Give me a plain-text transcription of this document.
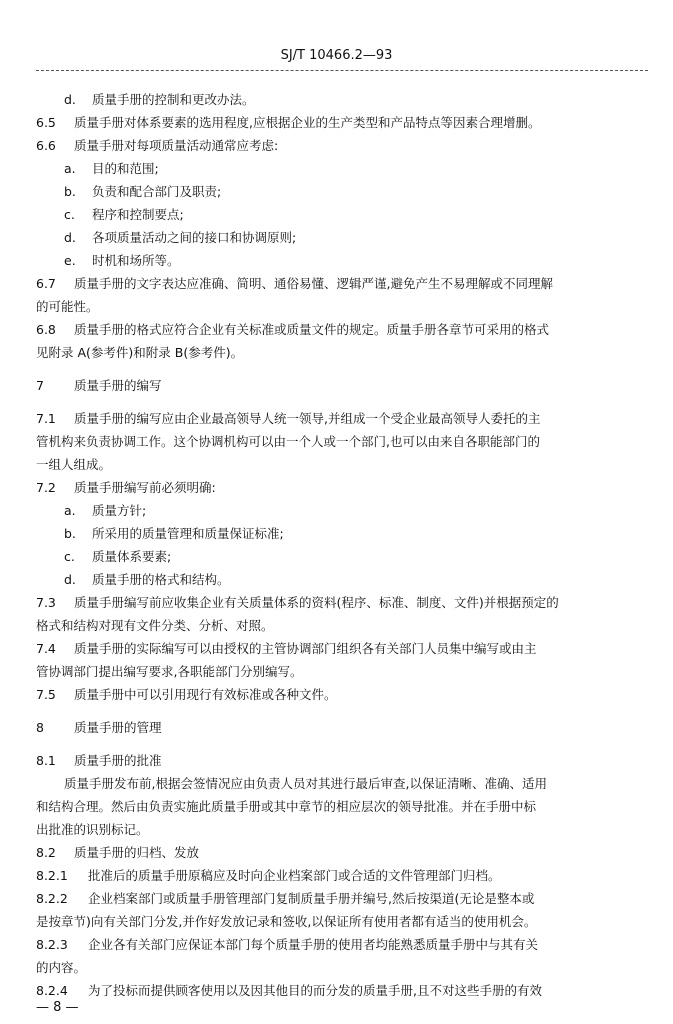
SJ/T 10466.2—93
d. 质量手册的控制和更改办法。
6.5 质量手册对体系要素的选用程度,应根据企业的生产类型和产品特点等因素合理增删。
6.6 质量手册对每项质量活动通常应考虑:
a. 目的和范围;
b. 负责和配合部门及职责;
c. 程序和控制要点;
d. 各项质量活动之间的接口和协调原则;
e. 时机和场所等。
6.7 质量手册的文字表达应准确、简明、通俗易懂、逻辑严谨,避免产生不易理解或不同理解
的可能性。
6.8 质量手册的格式应符合企业有关标准或质量文件的规定。质量手册各章节可采用的格式
见附录 A(参考件)和附录 B(参考件)。
7 质量手册的编写
7.1 质量手册的编写应由企业最高领导人统一领导,并组成一个受企业最高领导人委托的主
管机构来负责协调工作。这个协调机构可以由一个人或一个部门,也可以由来自各职能部门的
一组人组成。
7.2 质量手册编写前必须明确:
a. 质量方针;
b. 所采用的质量管理和质量保证标准;
c. 质量体系要素;
d. 质量手册的格式和结构。
7.3 质量手册编写前应收集企业有关质量体系的资料(程序、标准、制度、文件)并根据预定的
格式和结构对现有文件分类、分析、对照。
7.4 质量手册的实际编写可以由授权的主管协调部门组织各有关部门人员集中编写或由主
管协调部门提出编写要求,各职能部门分别编写。
7.5 质量手册中可以引用现行有效标准或各种文件。
8 质量手册的管理
8.1 质量手册的批准
质量手册发布前,根据会签情况应由负责人员对其进行最后审查,以保证清晰、准确、适用
和结构合理。然后由负责实施此质量手册或其中章节的相应层次的领导批准。并在手册中标
出批准的识别标记。
8.2 质量手册的归档、发放
8.2.1 批准后的质量手册原稿应及时向企业档案部门或合适的文件管理部门归档。
8.2.2 企业档案部门或质量手册管理部门复制质量手册并编号,然后按渠道(无论是整本或
是按章节)向有关部门分发,并作好发放记录和签收,以保证所有使用者都有适当的使用机会。
8.2.3 企业各有关部门应保证本部门每个质量手册的使用者均能熟悉质量手册中与其有关
的内容。
8.2.4 为了投标而提供顾客使用以及因其他目的而分发的质量手册,且不对这些手册的有效
— 8 —
